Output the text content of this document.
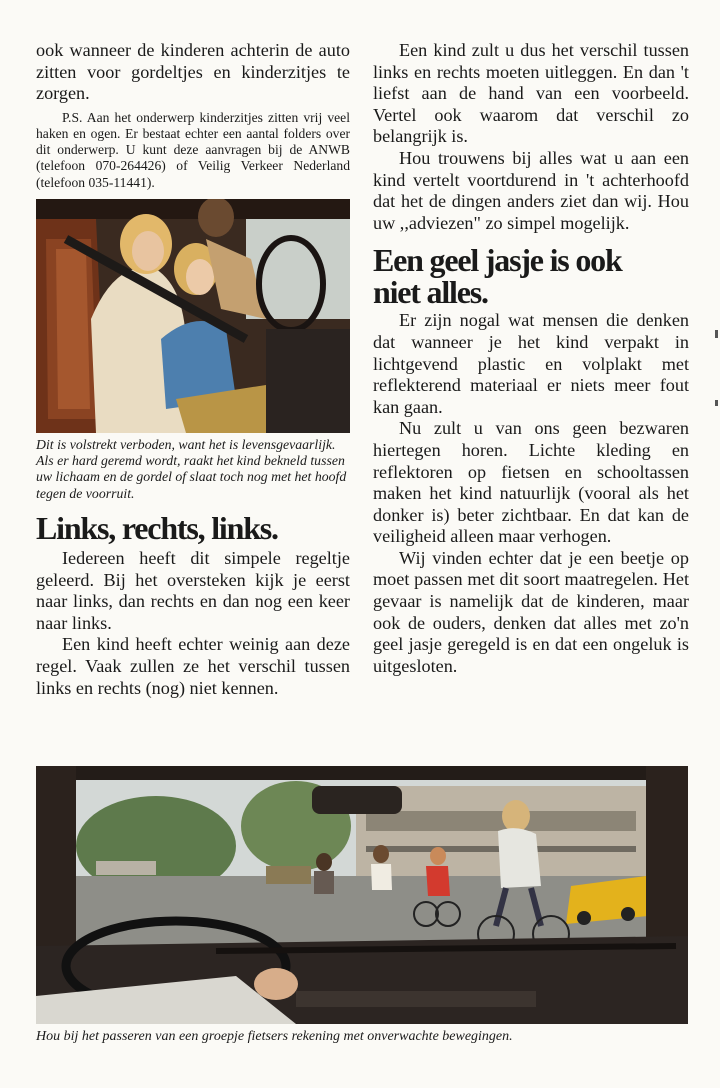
ook wanneer de kinderen achterin de auto zitten voor gordeltjes en kinderzitjes te zorgen.

P.S. Aan het onderwerp kinderzitjes zitten vrij veel haken en ogen. Er bestaat echter een aantal folders over dit onderwerp. U kunt deze aanvragen bij de ANWB (telefoon 070-264426) of Veilig Verkeer Nederland (telefoon 035-11441).

Dit is volstrekt verboden, want het is levensgevaarlijk. Als er hard geremd wordt, raakt het kind bekneld tussen uw lichaam en de gordel of slaat toch nog met het hoofd tegen de voorruit.

Links, rechts, links.

Iedereen heeft dit simpele regeltje geleerd. Bij het oversteken kijk je eerst naar links, dan rechts en dan nog een keer naar links.

Een kind heeft echter weinig aan deze regel. Vaak zullen ze het verschil tussen links en rechts (nog) niet kennen.

Een kind zult u dus het verschil tussen links en rechts moeten uitleggen. En dan 't liefst aan de hand van een voorbeeld. Vertel ook waarom dat verschil zo belangrijk is.

Hou trouwens bij alles wat u aan een kind vertelt voortdurend in 't achterhoofd dat het de dingen anders ziet dan wij. Hou uw ,,adviezen" zo simpel mogelijk.

Een geel jasje is ook
niet alles.

Er zijn nogal wat mensen die denken dat wanneer je het kind verpakt in lichtgevend plastic en volplakt met reflekterend materiaal er niets meer fout kan gaan.

Nu zult u van ons geen bezwaren hiertegen horen. Lichte kleding en reflektoren op fietsen en schooltassen maken het kind natuurlijk (vooral als het donker is) beter zichtbaar. En dat kan de veiligheid alleen maar verhogen.

Wij vinden echter dat je een beetje op moet passen met dit soort maatregelen. Het gevaar is namelijk dat de kinderen, maar ook de ouders, denken dat alles met zo'n geel jasje geregeld is en dat een ongeluk is uitgesloten.

Hou bij het passeren van een groepje fietsers rekening met onverwachte bewegingen.
